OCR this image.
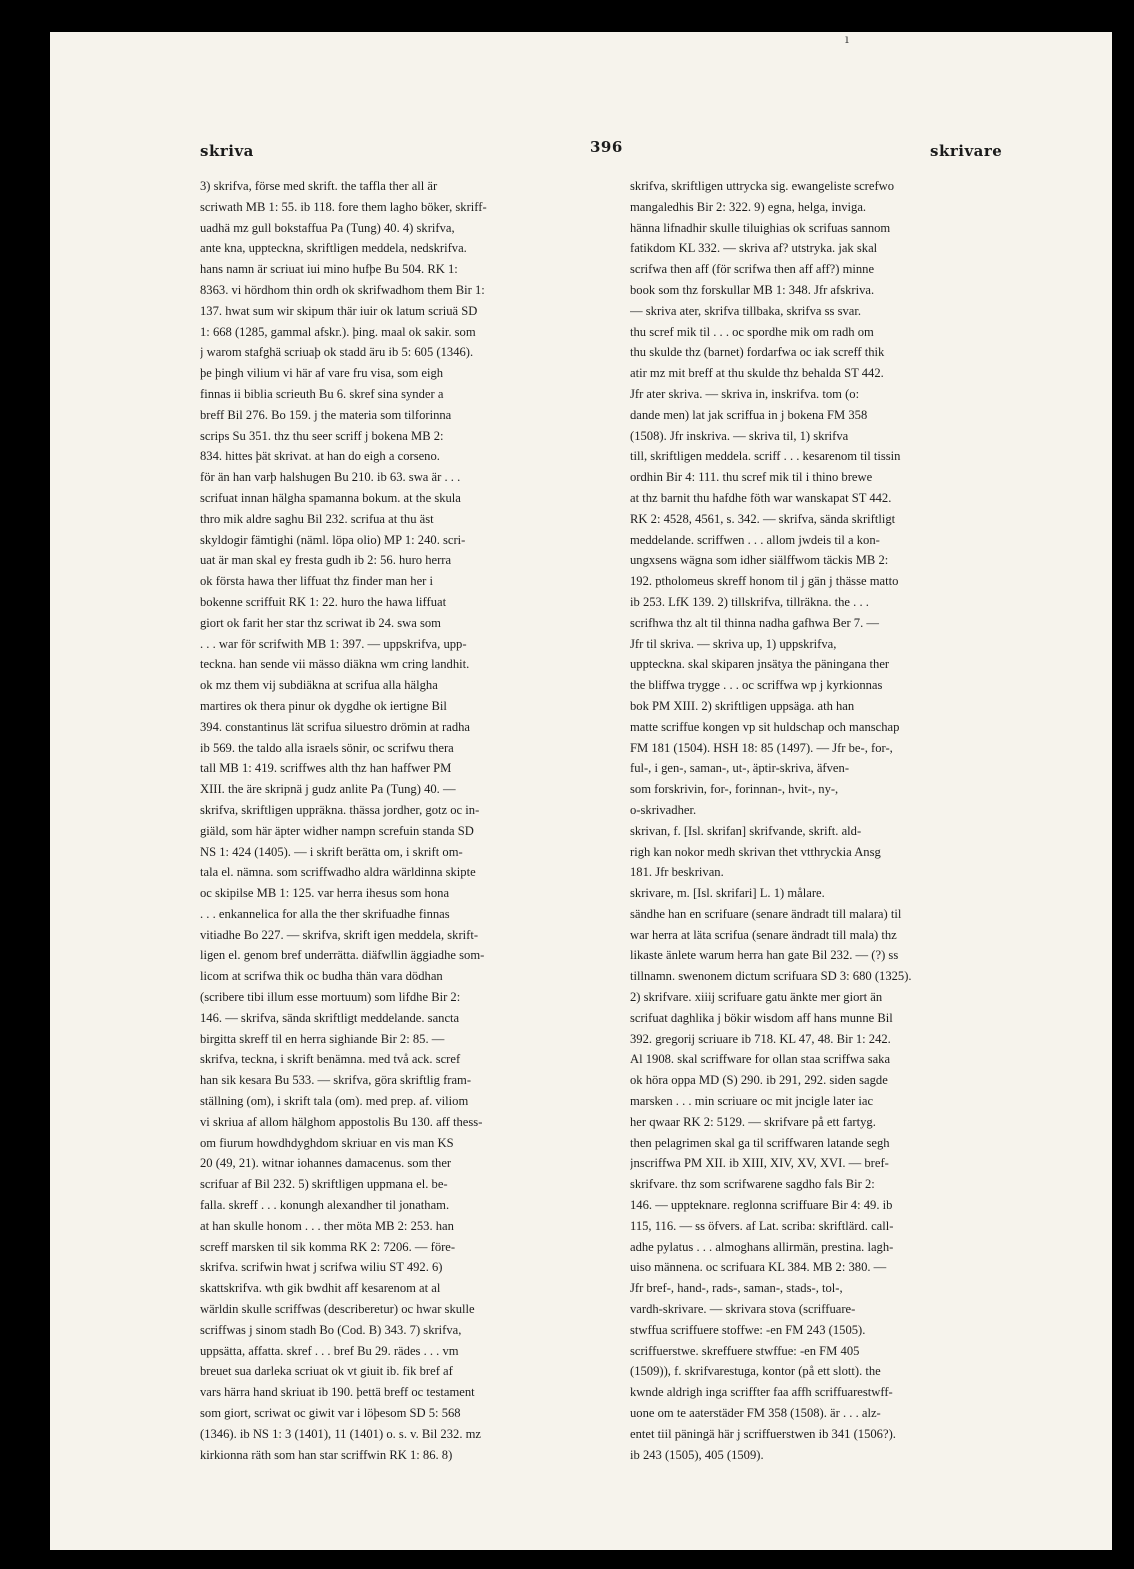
ı
skriva	396	skrivare
3) skrifva, förse med skrift. the taffla ther all är
scriwath MB 1: 55. ib 118. fore them lagho böker, skriff-
uadhä mz gull bokstaffua Pa (Tung) 40. 4) skrifva,
ante kna, uppteckna, skriftligen meddela, nedskrifva.
hans namn är scriuat iui mino hufþe Bu 504. RK 1:
8363. vi hördhom thin ordh ok skrifwadhom them Bir 1:
137. hwat sum wir skipum thär iuir ok latum scriuä SD
1: 668 (1285, gammal afskr.). þing. maal ok sakir. som
j warom stafghä scriuaþ ok stadd äru ib 5: 605 (1346).
þe þingh vilium vi här af vare fru visa, som eigh
finnas ii biblia scrieuth Bu 6. skref sina synder a
breff Bil 276. Bo 159. j the materia som tilforinna
scrips Su 351. thz thu seer scriff j bokena MB 2:
834. hittes þät skrivat. at han do eigh a corseno.
för än han varþ halshugen Bu 210. ib 63. swa är . . .
scrifuat innan hälgha spamanna bokum. at the skula
thro mik aldre saghu Bil 232. scrifua at thu äst
skyldogir fämtighi (näml. löpa olio) MP 1: 240. scri-
uat är man skal ey fresta gudh ib 2: 56. huro herra
ok första hawa ther liffuat thz finder man her i
bokenne scriffuit RK 1: 22. huro the hawa liffuat
giort ok farit her star thz scriwat ib 24. swa som
. . . war för scrifwith MB 1: 397. — uppskrifva, upp-
teckna. han sende vii mässo diäkna wm cring landhit.
ok mz them vij subdiäkna at scrifua alla hälgha
martires ok thera pinur ok dygdhe ok iertigne Bil
394. constantinus lät scrifua siluestro drömin at radha
ib 569. the taldo alla israels sönir, oc scrifwu thera
tall MB 1: 419. scriffwes alth thz han haffwer PM
XIII. the äre skripnä j gudz anlite Pa (Tung) 40. —
skrifva, skriftligen uppräkna. thässa jordher, gotz oc in-
giäld, som här äpter widher nampn screfuin standa SD
NS 1: 424 (1405). — i skrift berätta om, i skrift om-
tala el. nämna. som scriffwadho aldra wärldinna skipte
oc skipilse MB 1: 125. var herra ihesus som hona
. . . enkannelica for alla the ther skrifuadhe finnas
vitiadhe Bo 227. — skrifva, skrift igen meddela, skrift-
ligen el. genom bref underrätta. diäfwllin äggiadhe som-
licom at scrifwa thik oc budha thän vara dödhan
(scribere tibi illum esse mortuum) som lifdhe Bir 2:
146. — skrifva, sända skriftligt meddelande. sancta
birgitta skreff til en herra sighiande Bir 2: 85. —
skrifva, teckna, i skrift benämna. med två ack. scref
han sik kesara Bu 533. — skrifva, göra skriftlig fram-
ställning (om), i skrift tala (om). med prep. af. viliom
vi skriua af allom hälghom appostolis Bu 130. aff thess-
om fiurum howdhdyghdom skriuar en vis man KS
20 (49, 21). witnar iohannes damacenus. som ther
scrifuar af Bil 232. 5) skriftligen uppmana el. be-
falla. skreff . . . konungh alexandher til jonatham.
at han skulle honom . . . ther möta MB 2: 253. han
screff marsken til sik komma RK 2: 7206. — före-
skrifva. scrifwin hwat j scrifwa wiliu ST 492. 6)
skattskrifva. wth gik bwdhit aff kesarenom at al
wärldin skulle scriffwas (describeretur) oc hwar skulle
scriffwas j sinom stadh Bo (Cod. B) 343. 7) skrifva,
uppsätta, affatta. skref . . . bref Bu 29. rädes . . . vm
breuet sua darleka scriuat ok vt giuit ib. fik bref af
vars härra hand skriuat ib 190. þettä breff oc testament
som giort, scriwat oc giwit var i löþesom SD 5: 568
(1346). ib NS 1: 3 (1401), 11 (1401) o. s. v. Bil 232. mz
kirkionna räth som han star scriffwin RK 1: 86. 8)
skrifva, skriftligen uttrycka sig. ewangeliste screfwo
mangaledhis Bir 2: 322. 9) egna, helga, inviga.
hänna lifnadhir skulle tiluighias ok scrifuas sannom
fatikdom KL 332. — skriva af? utstryka. jak skal
scrifwa then aff (för scrifwa then aff aff?) minne
book som thz forskullar MB 1: 348. Jfr afskriva.
— skriva ater, skrifva tillbaka, skrifva ss svar.
thu scref mik til . . . oc spordhe mik om radh om
thu skulde thz (barnet) fordarfwa oc iak screff thik
atir mz mit breff at thu skulde thz behalda ST 442.
Jfr ater skriva. — skriva in, inskrifva. tom (o:
dande men) lat jak scriffua in j bokena FM 358
(1508). Jfr inskriva. — skriva til, 1) skrifva
till, skriftligen meddela. scriff . . . kesarenom til tissin
ordhin Bir 4: 111. thu scref mik til i thino brewe
at thz barnit thu hafdhe föth war wanskapat ST 442.
RK 2: 4528, 4561, s. 342. — skrifva, sända skriftligt
meddelande. scriffwen . . . allom jwdeis til a kon-
ungxsens wägna som idher siälffwom täckis MB 2:
192. ptholomeus skreff honom til j gän j thässe matto
ib 253. LfK 139. 2) tillskrifva, tillräkna. the . . .
scrifhwa thz alt til thinna nadha gafhwa Ber 7. —
Jfr til skriva. — skriva up, 1) uppskrifva,
uppteckna. skal skiparen jnsätya the päningana ther
the bliffwa trygge . . . oc scriffwa wp j kyrkionnas
bok PM XIII. 2) skriftligen uppsäga. ath han
matte scriffue kongen vp sit huldschap och manschap
FM 181 (1504). HSH 18: 85 (1497). — Jfr be-, for-,
ful-, i gen-, saman-, ut-, äptir-skriva, äfven-
som forskrivin, for-, forinnan-, hvit-, ny-,
o-skrivadher.
skrivan, f. [Isl. skrifan] skrifvande, skrift. ald-
righ kan nokor medh skrivan thet vtthryckia Ansg
181. Jfr beskrivan.
skrivare, m. [Isl. skrifari] L. 1) målare.
sändhe han en scrifuare (senare ändradt till malara) til
war herra at läta scrifua (senare ändradt till mala) thz
likaste änlete warum herra han gate Bil 232. — (?) ss
tillnamn. swenonem dictum scrifuara SD 3: 680 (1325).
2) skrifvare. xiiij scrifuare gatu änkte mer giort än
scrifuat daghlika j bökir wisdom aff hans munne Bil
392. gregorij scriuare ib 718. KL 47, 48. Bir 1: 242.
Al 1908. skal scriffware for ollan staa scriffwa saka
ok höra oppa MD (S) 290. ib 291, 292. siden sagde
marsken . . . min scriuare oc mit jncigle later iac
her qwaar RK 2: 5129. — skrifvare på ett fartyg.
then pelagrimen skal ga til scriffwaren latande segh
jnscriffwa PM XII. ib XIII, XIV, XV, XVI. — bref-
skrifvare. thz som scrifwarene sagdho fals Bir 2:
146. — uppteknare. reglonna scriffuare Bir 4: 49. ib
115, 116. — ss öfvers. af Lat. scriba: skriftlärd. call-
adhe pylatus . . . almoghans allirmän, prestina. lagh-
uiso männena. oc scrifuara KL 384. MB 2: 380. —
Jfr bref-, hand-, rads-, saman-, stads-, tol-,
vardh-skrivare. — skrivara stova (scriffuare-
stwffua scriffuere stoffwe: -en FM 243 (1505).
scriffuerstwe. skreffuere stwffue: -en FM 405
(1509)), f. skrifvarestuga, kontor (på ett slott). the
kwnde aldrigh inga scriffter faa affh scriffuarestwff-
uone om te aaterstäder FM 358 (1508). är . . . alz-
entet tiil päningä här j scriffuerstwen ib 341 (1506?).
ib 243 (1505), 405 (1509).
